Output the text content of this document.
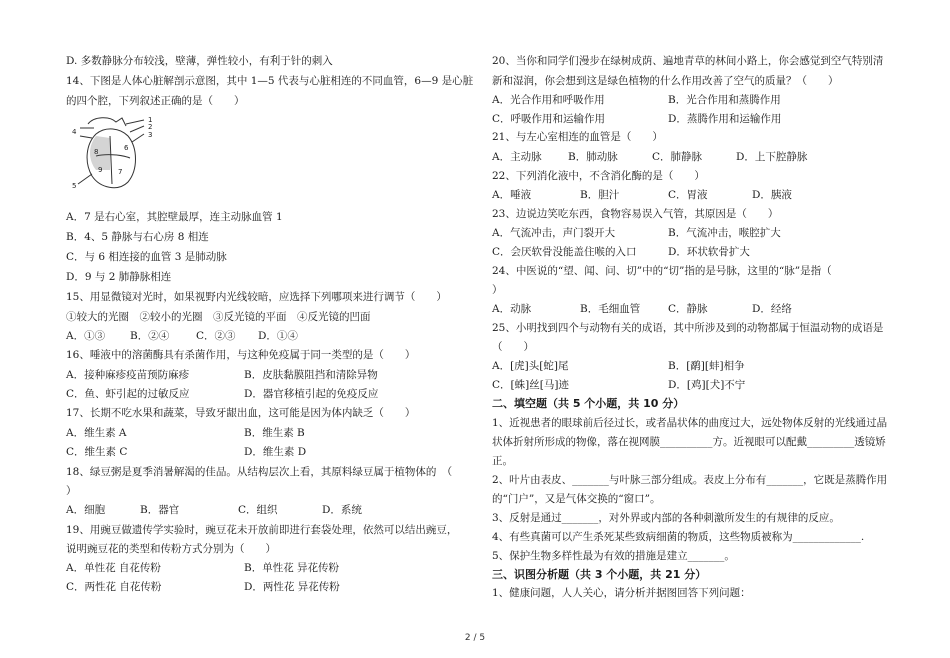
D. 多数静脉分布较浅，壁薄，弹性较小，有利于针的刺入
14、下图是人体心脏解剖示意图，其中 1—5 代表与心脏相连的不同血管，6—9 是心脏
的四个腔，下列叙述正确的是（　　）
1
2
3
4
5
6
7
8
9
A．7 是右心室，其腔壁最厚，连主动脉血管 1
B．4、5 静脉与右心房 8 相连
C．与 6 相连接的血管 3 是肺动脉
D．9 与 2 肺静脉相连
15、用显微镜对光时，如果视野内光线较暗，应选择下列哪项来进行调节（　　）
①较大的光圈　②较小的光圈　③反光镜的平面　④反光镜的凹面
A．①③ B．②④	C．②③ D．①④
16、唾液中的溶菌酶具有杀菌作用，与这种免疫属于同一类型的是（　　）
A．接种麻疹疫苗预防麻疹	B．皮肤黏膜阻挡和清除异物
C．鱼、虾引起的过敏反应	D．器官移植引起的免疫反应
17、长期不吃水果和蔬菜，导致牙龈出血，这可能是因为体内缺乏（　　）
A．维生素 A	B．维生素 B
C．维生素 C	D．维生素 D
18、绿豆粥是夏季消暑解渴的佳品。从结构层次上看，其原料绿豆属于植物体的　（
）
A．细胞	B．器官	C．组织	D．系统
19、用豌豆做遗传学实验时，豌豆花未开放前即进行套袋处理，依然可以结出豌豆，
说明豌豆花的类型和传粉方式分别为（　　）
A．单性花 自花传粉	B．单性花 异花传粉
C．两性花 自花传粉	D．两性花 异花传粉
20、当你和同学们漫步在绿树成荫、遍地青草的林间小路上，你会感觉到空气特别清
新和湿润，你会想到这是绿色植物的什么作用改善了空气的质量？（　　）
A．光合作用和呼吸作用	B．光合作用和蒸腾作用
C．呼吸作用和运输作用	D．蒸腾作用和运输作用
21、与左心室相连的血管是（　　）
A．主动脉	B．肺动脉	C．肺静脉	D．上下腔静脉
22、下列消化液中，不含消化酶的是（　　）
A．唾液	B．胆汁	C．胃液	D．胰液
23、边说边笑吃东西，食物容易误入气管，其原因是（　　）
A．气流冲击，声门裂开大	B．气流冲击，喉腔扩大
C．会厌软骨没能盖住喉的入口	D．环状软骨扩大
24、中医说的“望、闻、问、切”中的“切”指的是号脉，这里的“脉”是指（
）
A．动脉	B．毛细血管	C．静脉	D．经络
25、小明找到四个与动物有关的成语，其中所涉及到的动物都属于恒温动物的成语是
（　　）
A．[虎]头[蛇]尾	B．[鹬][蚌]相争
C．[蛛]丝[马]迹	D．[鸡][犬]不宁
二、填空题（共 5 个小题，共 10 分）
1、近视患者的眼球前后径过长，或者晶状体的曲度过大，远处物体反射的光线通过晶
状体折射所形成的物像，落在视网膜__________方。近视眼可以配戴_________透镜矫
正。
2、叶片由表皮、_______与叶脉三部分组成。表皮上分布有_______，它既是蒸腾作用
的“门户”，又是气体交换的“窗口”。
3、反射是通过_______，对外界或内部的各种刺激所发生的有规律的反应。
4、有些真菌可以产生杀死某些致病细菌的物质，这些物质被称为_____________.
5、保护生物多样性最为有效的措施是建立_______。
三、识图分析题（共 3 个小题，共 21 分）
1、健康问题，人人关心，请分析并据图回答下列问题：
2 / 5
